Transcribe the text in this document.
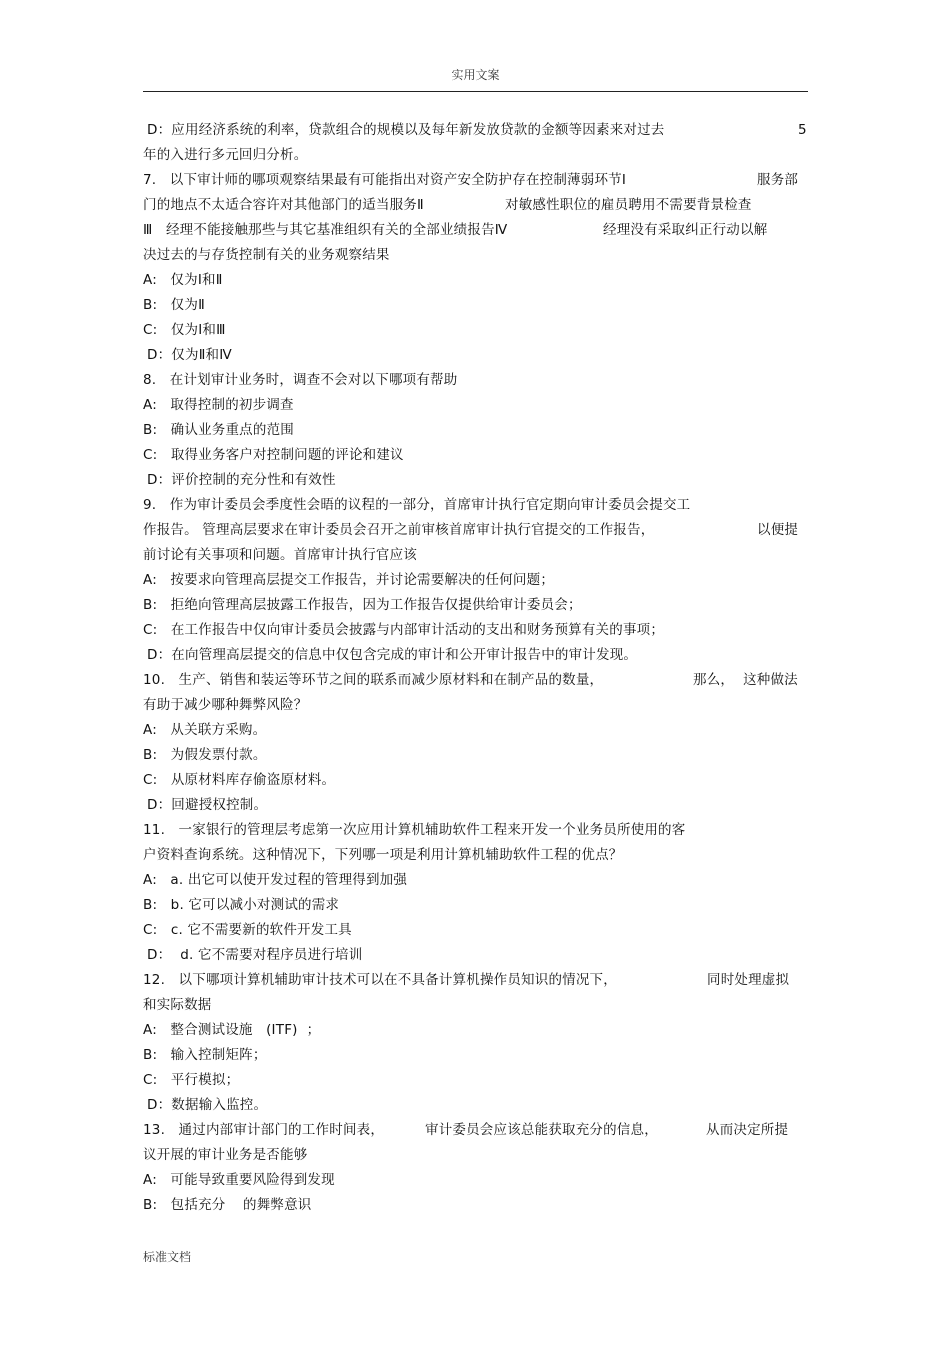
实用文案
D：应用经济系统的利率，贷款组合的规模以及每年新发放贷款的金额等因素来对过去	5
年的入进行多元回归分析。
7.   以下审计师的哪项观察结果最有可能指出对资产安全防护存在控制薄弱环节Ⅰ	服务部
门的地点不太适合容许对其他部门的适当服务Ⅱ	对敏感性职位的雇员聘用不需要背景检查
Ⅲ   经理不能接触那些与其它基准组织有关的全部业绩报告Ⅳ	经理没有采取纠正行动以解
决过去的与存货控制有关的业务观察结果
A:   仅为Ⅰ和Ⅱ
B:   仅为Ⅱ
C:   仅为Ⅰ和Ⅲ
D：仅为Ⅱ和Ⅳ
8.   在计划审计业务时，调查不会对以下哪项有帮助
A:   取得控制的初步调查
B:   确认业务重点的范围
C:   取得业务客户对控制问题的评论和建议
D：评价控制的充分性和有效性
9.   作为审计委员会季度性会晤的议程的一部分，首席审计执行官定期向审计委员会提交工
作报告。 管理高层要求在审计委员会召开之前审核首席审计执行官提交的工作报告，	以便提
前讨论有关事项和问题。首席审计执行官应该
A:   按要求向管理高层提交工作报告，并讨论需要解决的任何问题；
B:   拒绝向管理高层披露工作报告，因为工作报告仅提供给审计委员会；
C:   在工作报告中仅向审计委员会披露与内部审计活动的支出和财务预算有关的事项；
D：在向管理高层提交的信息中仅包含完成的审计和公开审计报告中的审计发现。
10.   生产、销售和装运等环节之间的联系而减少原材料和在制产品的数量，	那么，  这种做法
有助于减少哪种舞弊风险？
A:   从关联方采购。
B:   为假发票付款。
C:   从原材料库存偷盗原材料。
D：回避授权控制。
11.   一家银行的管理层考虑第一次应用计算机辅助软件工程来开发一个业务员所使用的客
户资料查询系统。这种情况下，下列哪一项是利用计算机辅助软件工程的优点？
A:   a. 出它可以使开发过程的管理得到加强
B:   b. 它可以减小对测试的需求
C:   c. 它不需要新的软件开发工具
D：  d. 它不需要对程序员进行培训
12.   以下哪项计算机辅助审计技术可以在不具备计算机操作员知识的情况下，	同时处理虚拟
和实际数据
A:   整合测试设施   (ITF)  ；
B:   输入控制矩阵；
C:   平行模拟；
D：数据输入监控。
13.   通过内部审计部门的工作时间表，	审计委员会应该总能获取充分的信息，	从而决定所提
议开展的审计业务是否能够
A:   可能导致重要风险得到发现
B:   包括充分 的舞弊意识
标准文档
